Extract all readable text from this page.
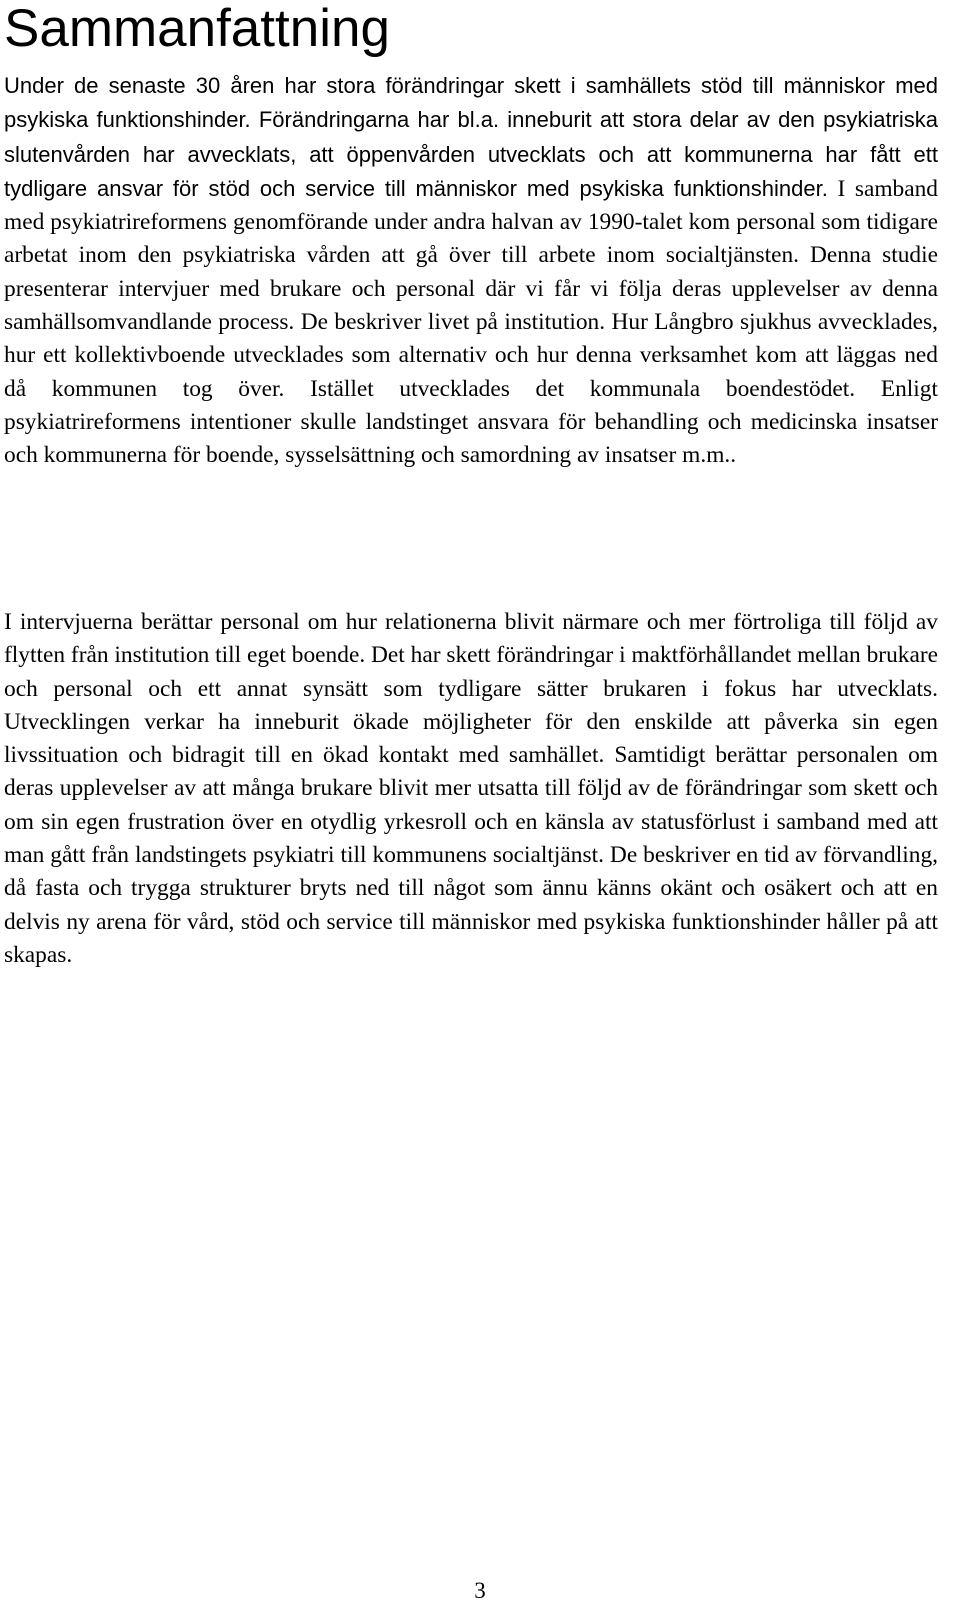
Sammanfattning

Under de senaste 30 åren har stora förändringar skett i samhällets stöd till människor med psykiska funktionshinder. Förändringarna har bl.a. inneburit att stora delar av den psykiatriska slutenvården har avvecklats, att öppenvården utvecklats och att kommunerna har fått ett tydligare ansvar för stöd och service till människor med psykiska funktionshinder. I samband med psykiatrireformens genomförande under andra halvan av 1990-talet kom personal som tidigare arbetat inom den psykiatriska vården att gå över till arbete inom socialtjänsten. Denna studie presenterar intervjuer med brukare och personal där vi får vi följa deras upplevelser av denna samhällsomvandlande process. De beskriver livet på institution. Hur Långbro sjukhus avvecklades, hur ett kollektivboende utvecklades som alternativ och hur denna verksamhet kom att läggas ned då kommunen tog över. Istället utvecklades det kommunala boendestödet. Enligt psykiatrireformens intentioner skulle landstinget ansvara för behandling och medicinska insatser och kommunerna för boende, sysselsättning och samordning av insatser m.m..

I intervjuerna berättar personal om hur relationerna blivit närmare och mer förtroliga till följd av flytten från institution till eget boende. Det har skett förändringar i maktförhållandet mellan brukare och personal och ett annat synsätt som tydligare sätter brukaren i fokus har utvecklats. Utvecklingen verkar ha inneburit ökade möjligheter för den enskilde att påverka sin egen livssituation och bidragit till en ökad kontakt med samhället. Samtidigt berättar personalen om deras upplevelser av att många brukare blivit mer utsatta till följd av de förändringar som skett och om sin egen frustration över en otydlig yrkesroll och en känsla av statusförlust i samband med att man gått från landstingets psykiatri till kommunens socialtjänst. De beskriver en tid av förvandling, då fasta och trygga strukturer bryts ned till något som ännu känns okänt och osäkert och att en delvis ny arena för vård, stöd och service till människor med psykiska funktionshinder håller på att skapas.

3
